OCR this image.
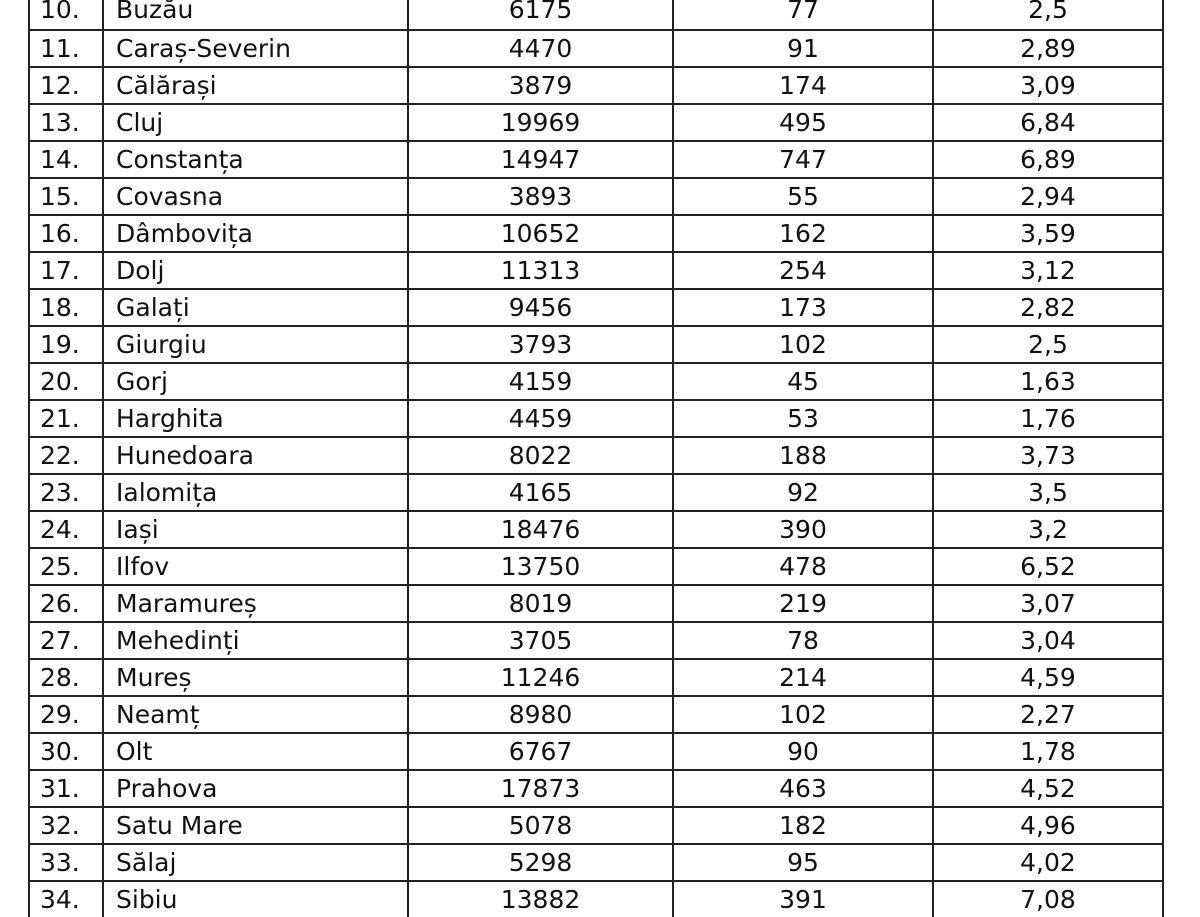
10.	Buzău	6175	77	2,5
11.	Caraș-Severin	4470	91	2,89
12.	Călărași	3879	174	3,09
13.	Cluj	19969	495	6,84
14.	Constanța	14947	747	6,89
15.	Covasna	3893	55	2,94
16.	Dâmbovița	10652	162	3,59
17.	Dolj	11313	254	3,12
18.	Galați	9456	173	2,82
19.	Giurgiu	3793	102	2,5
20.	Gorj	4159	45	1,63
21.	Harghita	4459	53	1,76
22.	Hunedoara	8022	188	3,73
23.	Ialomița	4165	92	3,5
24.	Iași	18476	390	3,2
25.	Ilfov	13750	478	6,52
26.	Maramureș	8019	219	3,07
27.	Mehedinți	3705	78	3,04
28.	Mureș	11246	214	4,59
29.	Neamț	8980	102	2,27
30.	Olt	6767	90	1,78
31.	Prahova	17873	463	4,52
32.	Satu Mare	5078	182	4,96
33.	Sălaj	5298	95	4,02
34.	Sibiu	13882	391	7,08
